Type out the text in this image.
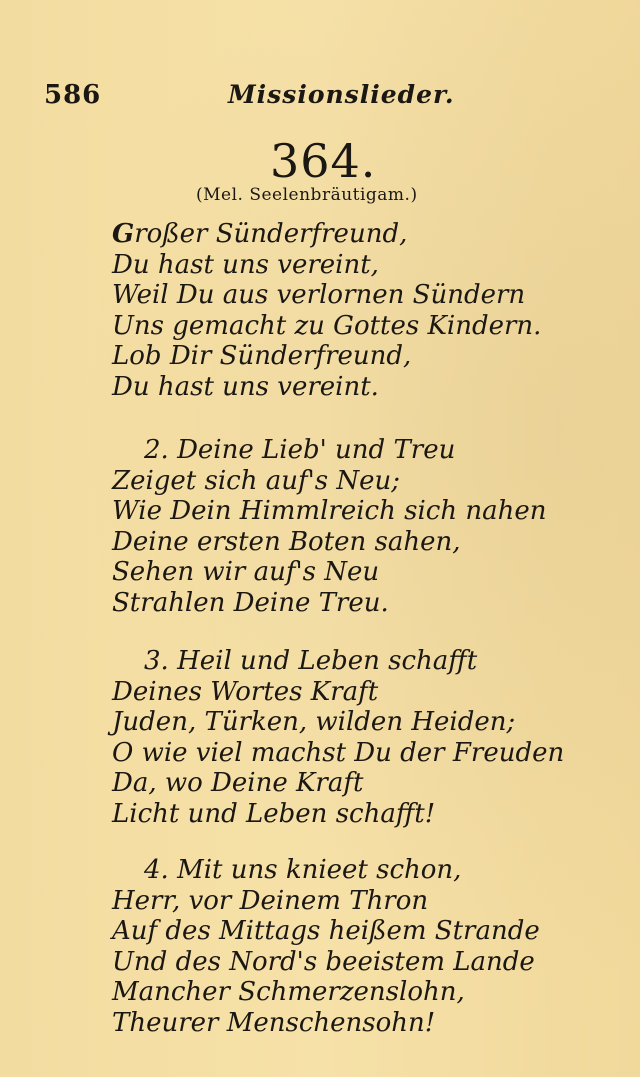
586	Missionslieder.
364.
(Mel. Seelenbräutigam.)
Großer Sünderfreund,
Du hast uns vereint,
Weil Du aus verlornen Sündern
Uns gemacht zu Gottes Kindern.
Lob Dir Sünderfreund,
Du hast uns vereint.
2. Deine Lieb' und Treu
Zeiget sich auf's Neu;
Wie Dein Himmlreich sich nahen
Deine ersten Boten sahen,
Sehen wir auf's Neu
Strahlen Deine Treu.
3. Heil und Leben schafft
Deines Wortes Kraft
Juden, Türken, wilden Heiden;
O wie viel machst Du der Freuden
Da, wo Deine Kraft
Licht und Leben schafft!
4. Mit uns knieet schon,
Herr, vor Deinem Thron
Auf des Mittags heißem Strande
Und des Nord's beeistem Lande
Mancher Schmerzenslohn,
Theurer Menschensohn!
